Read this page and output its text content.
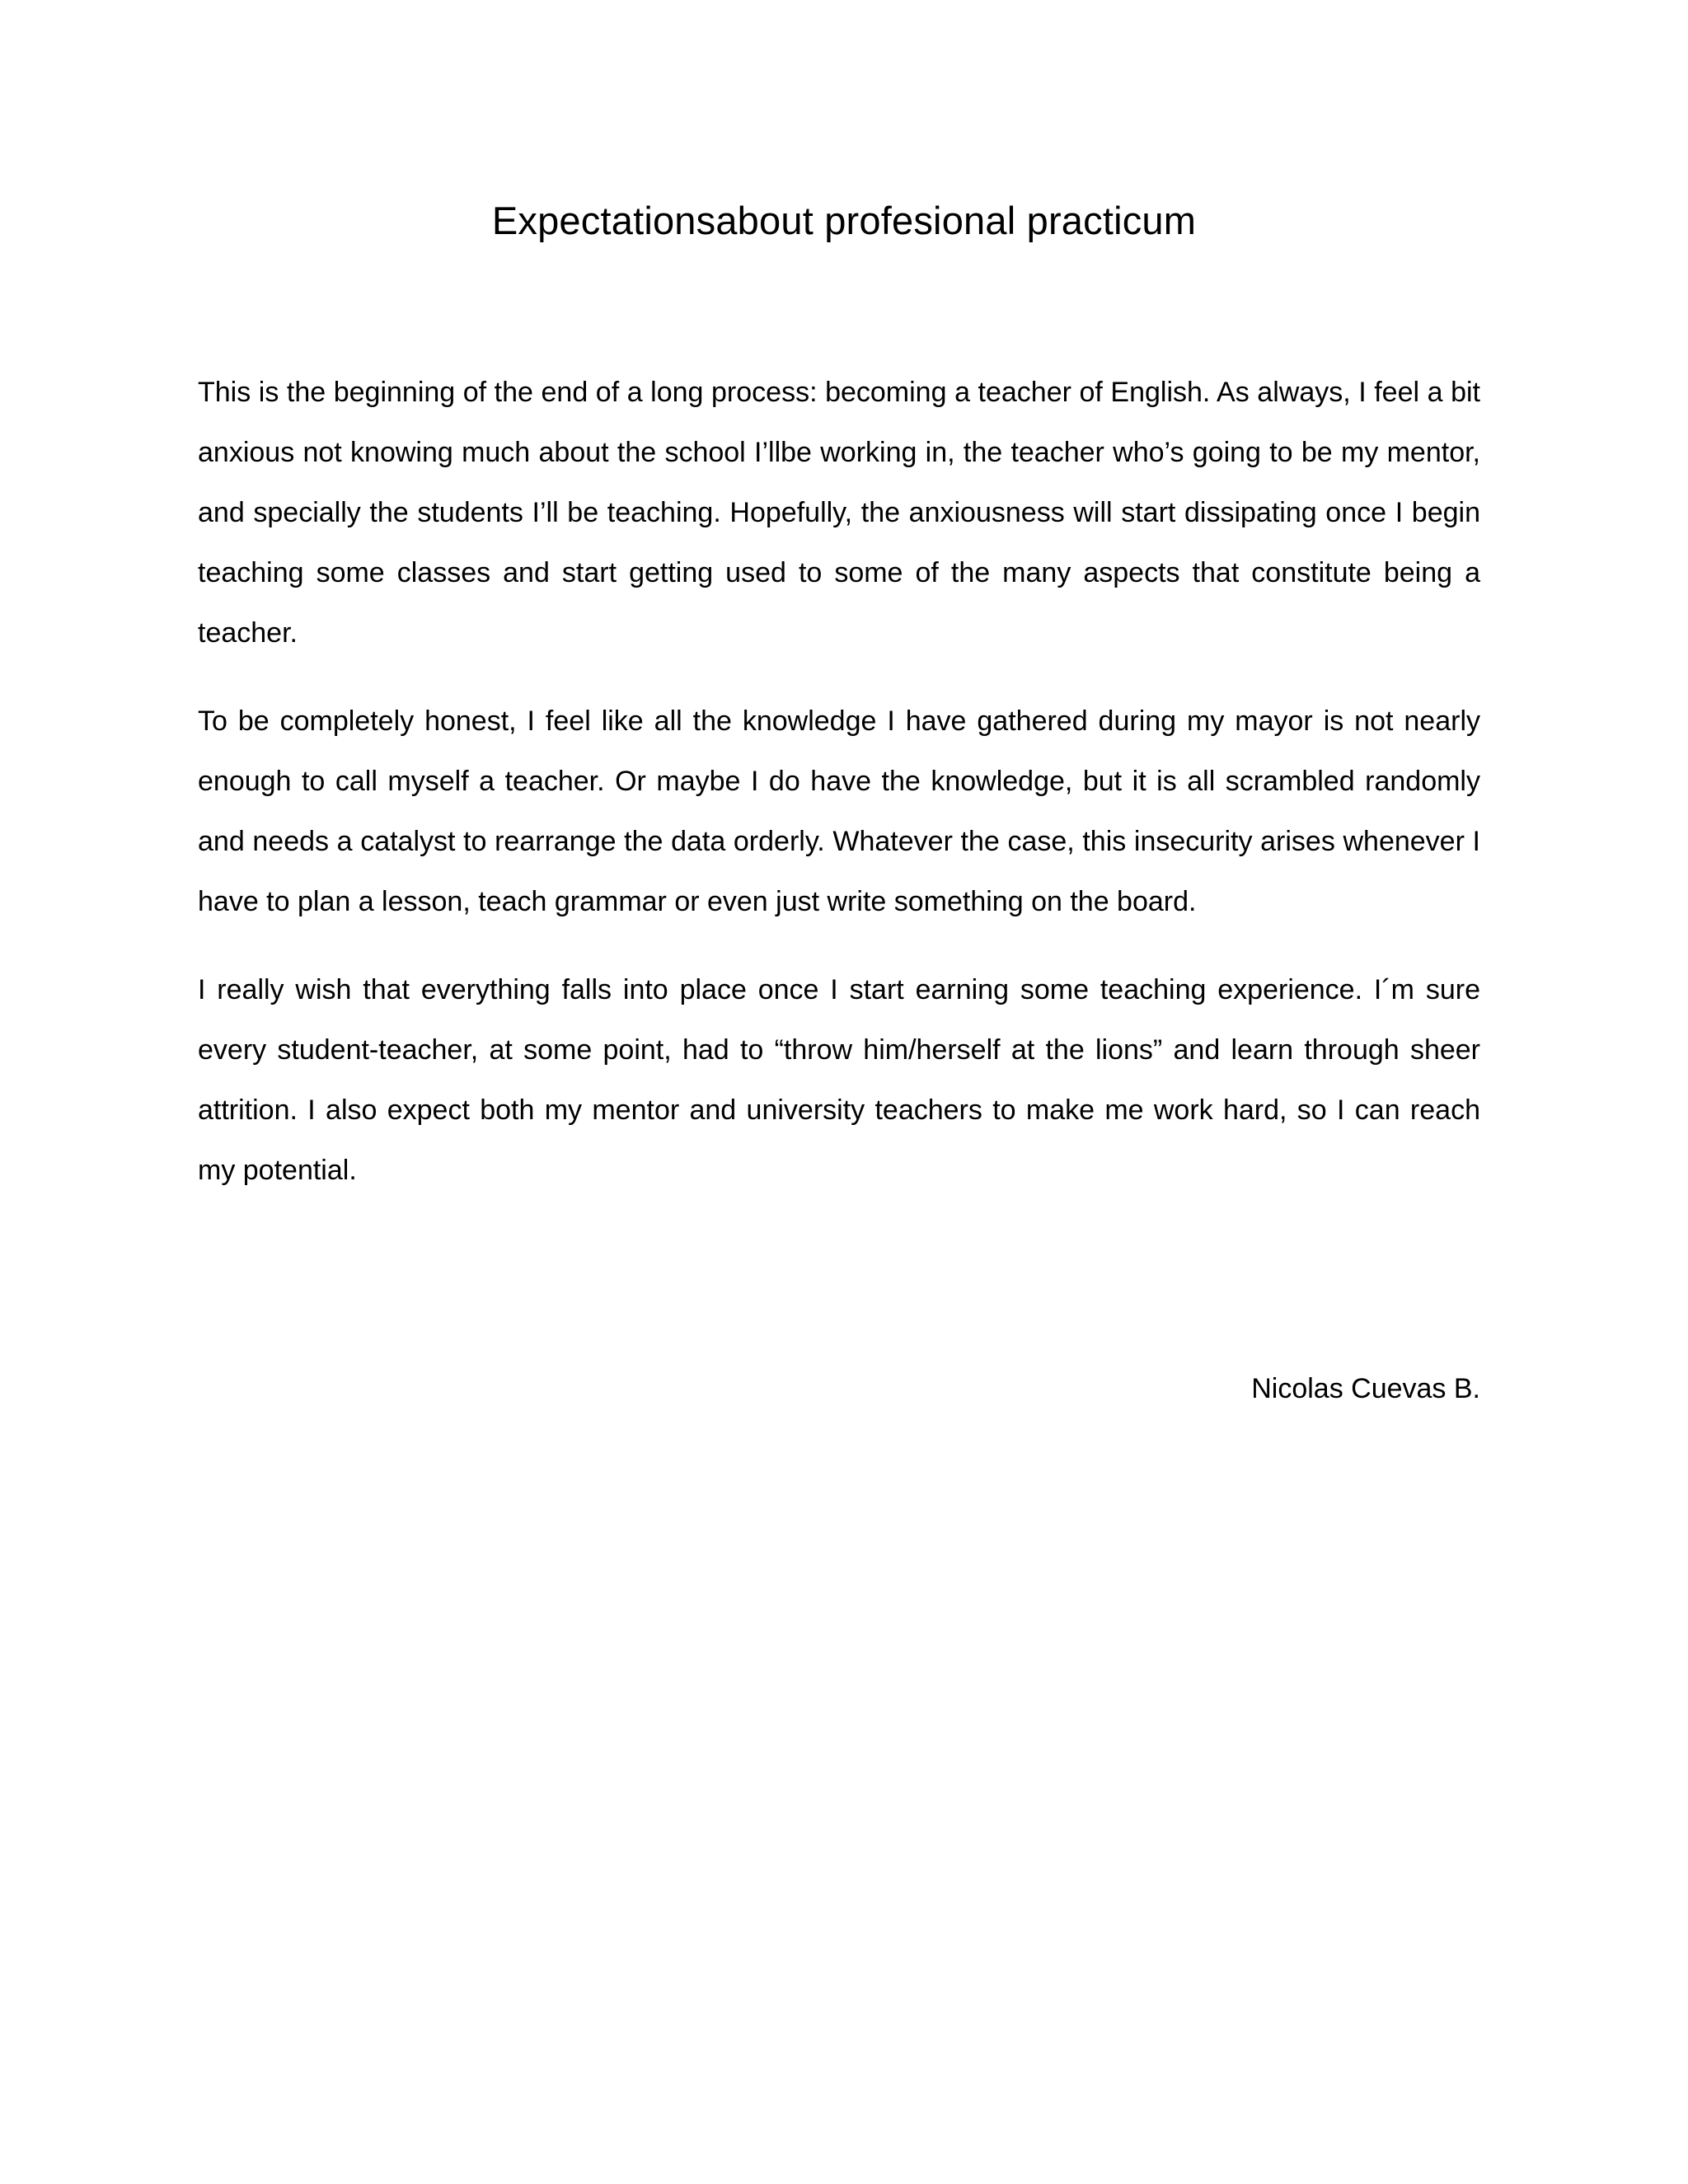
Expectationsabout profesional practicum

This is the beginning of the end of a long process: becoming a teacher of English. As always, I feel a bit anxious not knowing much about the school I’llbe working in, the teacher who’s going to be my mentor, and specially the students I’ll be teaching. Hopefully, the anxiousness will start dissipating once I begin teaching some classes and start getting used to some of the many aspects that constitute being a teacher.

To be completely honest, I feel like all the knowledge I have gathered during my mayor is not nearly enough to call myself a teacher. Or maybe I do have the knowledge, but it is all scrambled randomly and needs a catalyst to rearrange the data orderly. Whatever the case, this insecurity arises whenever I have to plan a lesson, teach grammar or even just write something on the board.

I really wish that everything falls into place once I start earning some teaching experience. I´m sure every student-teacher, at some point, had to “throw him/herself at the lions” and learn through sheer attrition. I also expect both my mentor and university teachers to make me work hard, so I can reach my potential.

Nicolas Cuevas B.
